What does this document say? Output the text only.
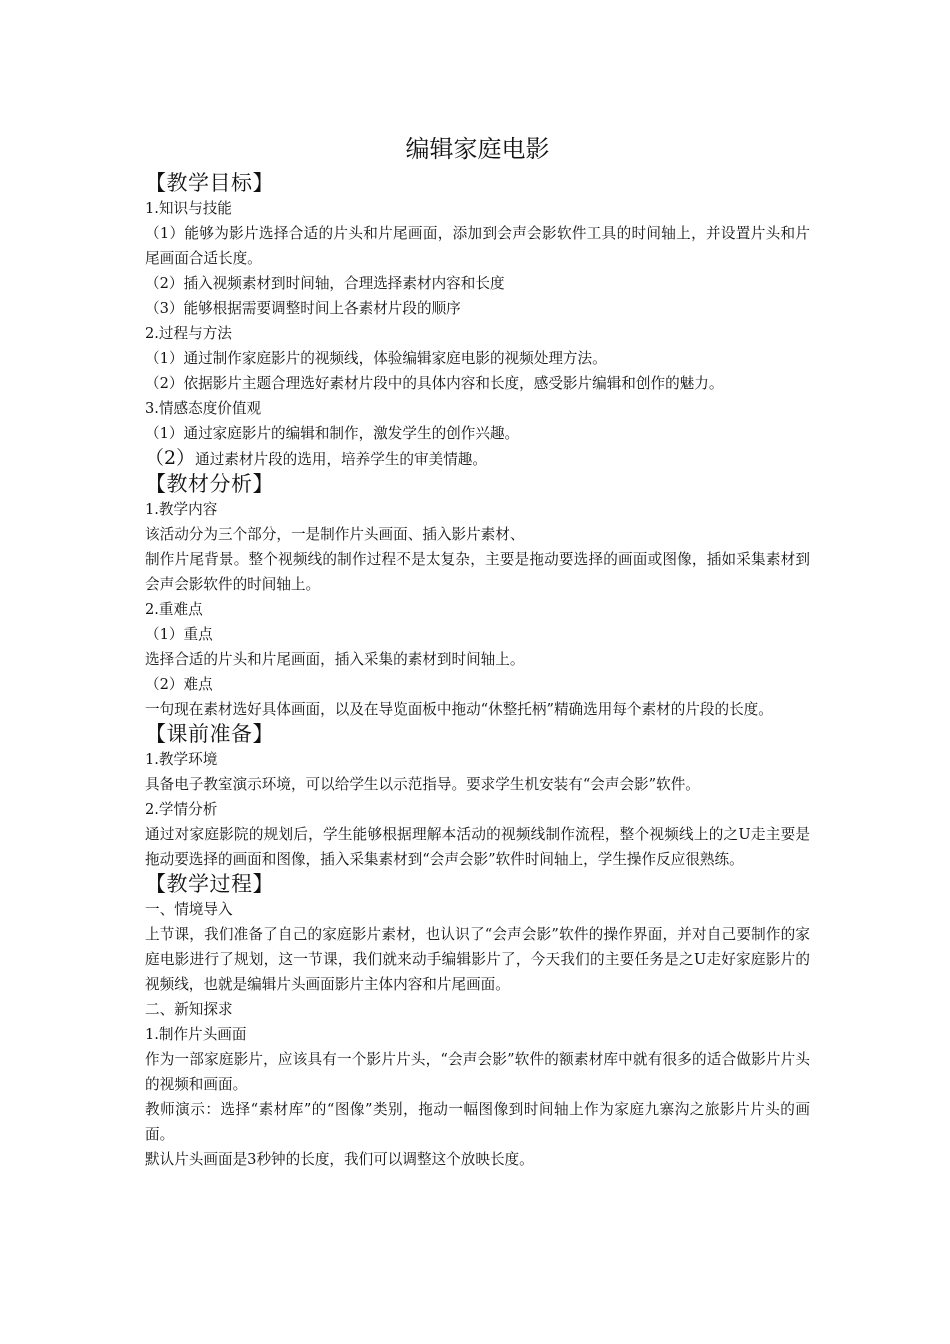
编辑家庭电影
【教学目标】
1.知识与技能
（1）能够为影片选择合适的片头和片尾画面，添加到会声会影软件工具的时间轴上，并设置片头和片尾画面合适长度。
（2）插入视频素材到时间轴，合理选择素材内容和长度
（3）能够根据需要调整时间上各素材片段的顺序
2.过程与方法
（1）通过制作家庭影片的视频线，体验编辑家庭电影的视频处理方法。
（2）依据影片主题合理选好素材片段中的具体内容和长度，感受影片编辑和创作的魅力。
3.情感态度价值观
（1）通过家庭影片的编辑和制作，激发学生的创作兴趣。
（2）通过素材片段的选用，培养学生的审美情趣。
【教材分析】
1.教学内容
该活动分为三个部分，一是制作片头画面、插入影片素材、
制作片尾背景。整个视频线的制作过程不是太复杂，主要是拖动要选择的画面或图像，插如采集素材到会声会影软件的时间轴上。
2.重难点
（1）重点
选择合适的片头和片尾画面，插入采集的素材到时间轴上。
（2）难点
一句现在素材选好具体画面，以及在导览面板中拖动“休整托柄”精确选用每个素材的片段的长度。
【课前准备】
1.教学环境
具备电子教室演示环境，可以给学生以示范指导。要求学生机安装有“会声会影”软件。
2.学情分析
通过对家庭影院的规划后，学生能够根据理解本活动的视频线制作流程，整个视频线上的之U走主要是拖动要选择的画面和图像，插入采集素材到“会声会影”软件时间轴上，学生操作反应很熟练。
【教学过程】
一、情境导入
上节课，我们准备了自己的家庭影片素材，也认识了“会声会影”软件的操作界面，并对自己要制作的家庭电影进行了规划，这一节课，我们就来动手编辑影片了，今天我们的主要任务是之U走好家庭影片的视频线，也就是编辑片头画面影片主体内容和片尾画面。
二、新知探求
1.制作片头画面
作为一部家庭影片，应该具有一个影片片头，“会声会影”软件的额素材库中就有很多的适合做影片片头的视频和画面。
教师演示：选择“素材库”的“图像”类别，拖动一幅图像到时间轴上作为家庭九寨沟之旅影片片头的画面。
默认片头画面是3秒钟的长度，我们可以调整这个放映长度。
